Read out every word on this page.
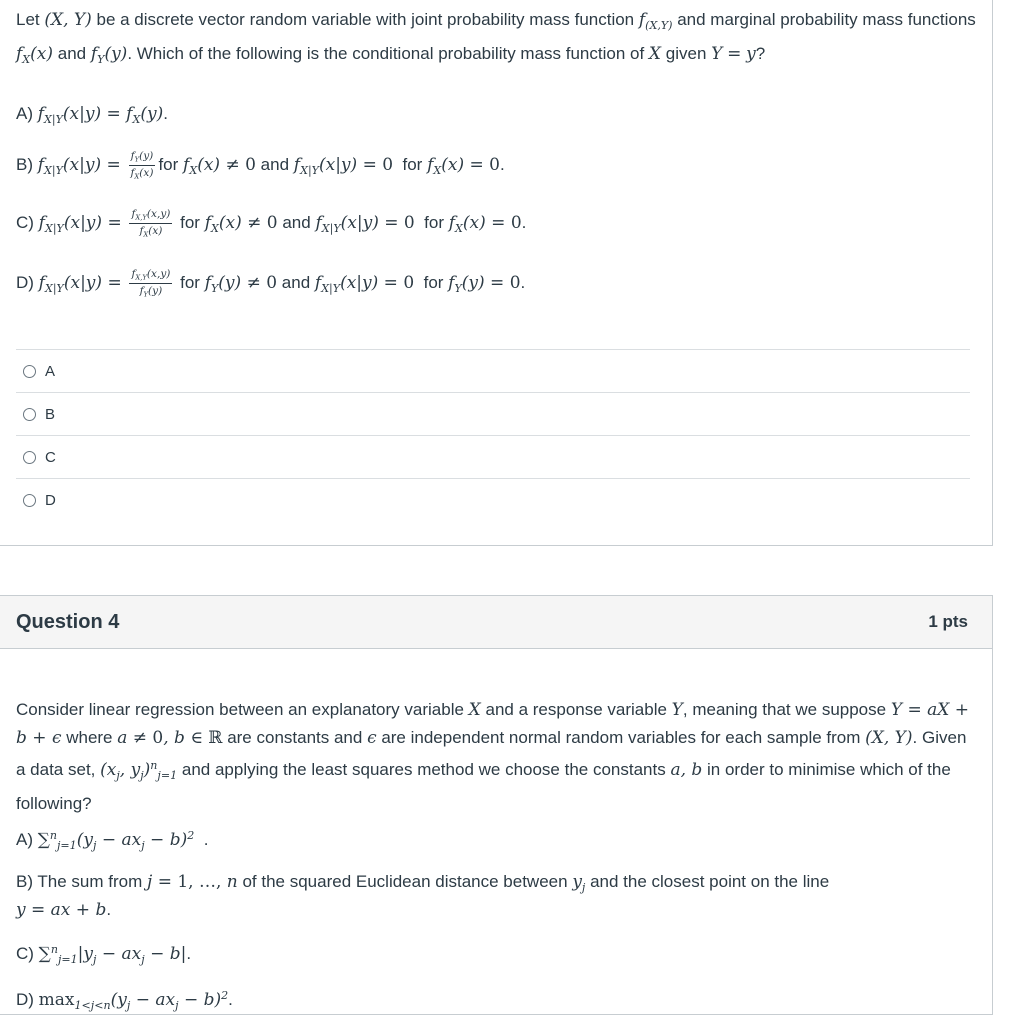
Let (X, Y) be a discrete vector random variable with joint probability mass function $f_{(X,Y)}$ and marginal probability mass functions $f_X(x)$ and $f_Y(y)$. Which of the following is the conditional probability mass function of X given Y = y?
A) $f_{X|Y}(x|y) = f_X(y)$.
B) $f_{X|Y}(x|y) = \frac{f_Y(y)}{f_X(x)}$ for $f_X(x) \ne 0$ and $f_{X|Y}(x|y) = 0$ for $f_X(x) = 0$.
C) $f_{X|Y}(x|y) = \frac{f_{X,Y}(x,y)}{f_X(x)}$ for $f_X(x) \ne 0$ and $f_{X|Y}(x|y) = 0$ for $f_X(x) = 0$.
D) $f_{X|Y}(x|y) = \frac{f_{X,Y}(x,y)}{f_Y(y)}$ for $f_Y(y) \ne 0$ and $f_{X|Y}(x|y) = 0$ for $f_Y(y) = 0$.
A
B
C
D
Question 4	1 pts
Consider linear regression between an explanatory variable X and a response variable Y, meaning that we suppose Y = aX + b + ϵ where a ≠ 0, b ∈ ℝ are constants and ϵ are independent normal random variables for each sample from (X, Y). Given a data set, ($x_j$, $y_j)^n_{j=1}$ and applying the least squares method we choose the constants a, b in order to minimise which of the following?
A) $\sum^n_{j=1}(y_j - ax_j - b)^2$  .
B) The sum from j = 1, …, n of the squared Euclidean distance between $y_j$ and the closest point on the line
y = ax + b.
C) $\sum^n_{j=1}|y_j - ax_j - b|$.
D) $\max_{1<j<n}(y_j - ax_j - b)^2$.
